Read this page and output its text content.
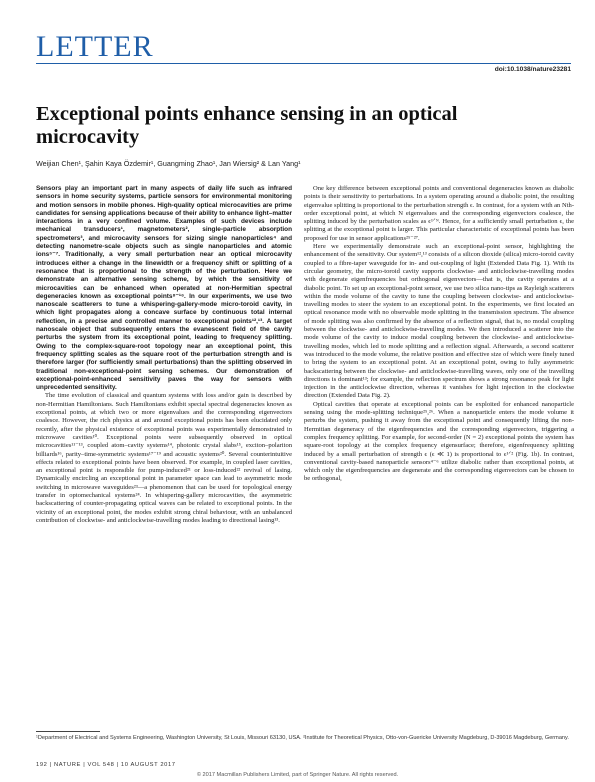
LETTER
doi:10.1038/nature23281
Exceptional points enhance sensing in an optical microcavity
Weijian Chen¹, Şahin Kaya Özdemir¹, Guangming Zhao¹, Jan Wiersig² & Lan Yang¹

Sensors play an important part in many aspects of daily life such as infrared sensors in home security systems, particle sensors for environmental monitoring and motion sensors in mobile phones. High-quality optical microcavities are prime candidates for sensing applications because of their ability to enhance light–matter interactions in a very confined volume. Examples of such devices include mechanical transducers¹, magnetometers², single-particle absorption spectrometers³, and microcavity sensors for sizing single nanoparticles⁴ and detecting nanometre-scale objects such as single nanoparticles and atomic ions⁵⁻⁷. Traditionally, a very small perturbation near an optical microcavity introduces either a change in the linewidth or a frequency shift or splitting of a resonance that is proportional to the strength of the perturbation. Here we demonstrate an alternative sensing scheme, by which the sensitivity of microcavities can be enhanced when operated at non-Hermitian spectral degeneracies known as exceptional points⁸⁻¹⁶. In our experiments, we use two nanoscale scatterers to tune a whispering-gallery-mode micro-toroid cavity, in which light propagates along a concave surface by continuous total internal reflection, in a precise and controlled manner to exceptional points¹²,¹³. A target nanoscale object that subsequently enters the evanescent field of the cavity perturbs the system from its exceptional point, leading to frequency splitting. Owing to the complex-square-root topology near an exceptional point, this frequency splitting scales as the square root of the perturbation strength and is therefore larger (for sufficiently small perturbations) than the splitting observed in traditional non-exceptional-point sensing schemes. Our demonstration of exceptional-point-enhanced sensitivity paves the way for sensors with unprecedented sensitivity.

The time evolution of classical and quantum systems with loss and/or gain is described by non-Hermitian Hamiltonians. Such Hamiltonians exhibit special spectral degeneracies known as exceptional points, at which two or more eigenvalues and the corresponding eigenvectors coalesce. However, the rich physics at and around exceptional points has been elucidated only recently, after the physical existence of exceptional points was experimentally demonstrated in microwave cavities¹⁰. Exceptional points were subsequently observed in optical microcavities¹¹⁻¹³, coupled atom–cavity systems¹⁴, photonic crystal slabs¹⁵, exciton–polariton billiards¹⁶, parity–time-symmetric systems¹⁷⁻¹⁹ and acoustic systems²⁰. Several counterintuitive effects related to exceptional points have been observed. For example, in coupled laser cavities, an exceptional point is responsible for pump-induced²¹ or loss-induced²² revival of lasing. Dynamically encircling an exceptional point in parameter space can lead to asymmetric mode switching in microwave waveguides²³—a phenomenon that can be used for topological energy transfer in optomechanical systems²⁴. In whispering-gallery microcavities, the asymmetric backscattering of counter-propagating optical waves can be related to exceptional points. In the vicinity of an exceptional point, the modes exhibit strong chiral behaviour, with an unbalanced contribution of clockwise- and anticlockwise-travelling modes leading to directional lasing¹³.

One key difference between exceptional points and conventional degeneracies known as diabolic points is their sensitivity to perturbations. In a system operating around a diabolic point, the resulting eigenvalue splitting is proportional to the perturbation strength ϵ. In contrast, for a system with an Nth-order exceptional point, at which N eigenvalues and the corresponding eigenvectors coalesce, the splitting induced by the perturbation scales as ϵ¹ᐟᴺ. Hence, for a sufficiently small perturbation ϵ, the splitting at the exceptional point is larger. This particular characteristic of exceptional points has been proposed for use in sensor applications²⁵⁻²⁷.

Here we experimentally demonstrate such an exceptional-point sensor, highlighting the enhancement of the sensitivity. Our system¹²,¹³ consists of a silicon dioxide (silica) micro-toroid cavity coupled to a fibre-taper waveguide for in- and out-coupling of light (Extended Data Fig. 1). With its circular geometry, the micro-toroid cavity supports clockwise- and anticlockwise-travelling modes with degenerate eigenfrequencies but orthogonal eigenvectors—that is, the cavity operates at a diabolic point. To set up an exceptional-point sensor, we use two silica nano-tips as Rayleigh scatterers within the mode volume of the cavity to tune the coupling between clockwise- and anticlockwise-travelling modes to steer the system to an exceptional point. In the experiments, we first located an optical resonance mode with no observable mode splitting in the transmission spectrum. The absence of mode splitting was also confirmed by the absence of a reflection signal, that is, no modal coupling between the clockwise- and anticlockwise-travelling modes. We then introduced a scatterer into the mode volume of the cavity to induce modal coupling between the clockwise- and anticlockwise-travelling modes, which led to mode splitting and a reflection signal. Afterwards, a second scatterer was introduced to the mode volume, the relative position and effective size of which were finely tuned to bring the system to an exceptional point. At an exceptional point, owing to fully asymmetric backscattering between the clockwise- and anticlockwise-travelling waves, only one of the travelling directions is dominant¹³; for example, the reflection spectrum shows a strong resonance peak for light injection in the anticlockwise direction, whereas it vanishes for light injection in the clockwise direction (Extended Data Fig. 2).

Optical cavities that operate at exceptional points can be exploited for enhanced nanoparticle sensing using the mode-splitting technique²⁵,²⁶. When a nanoparticle enters the mode volume it perturbs the system, pushing it away from the exceptional point and consequently lifting the non-Hermitian degeneracy of the eigenfrequencies and the corresponding eigenvectors, triggering a complex frequency splitting. For example, for second-order (N = 2) exceptional points the system has square-root topology at the complex frequency eigensurface; therefore, eigenfrequency splitting induced by a small perturbation of strength ϵ (ϵ ≪ 1) is proportional to ϵ¹ᐟ² (Fig. 1b). In contrast, conventional cavity-based nanoparticle sensors⁴⁻⁶ utilize diabolic rather than exceptional points, at which only the eigenfrequencies are degenerate and the corresponding eigenvectors can be chosen to be orthogonal,

¹Department of Electrical and Systems Engineering, Washington University, St Louis, Missouri 63130, USA. ²Institute for Theoretical Physics, Otto-von-Guericke University Magdeburg, D-39016 Magdeburg, Germany.
192 | NATURE | VOL 548 | 10 AUGUST 2017
© 2017 Macmillan Publishers Limited, part of Springer Nature. All rights reserved.
